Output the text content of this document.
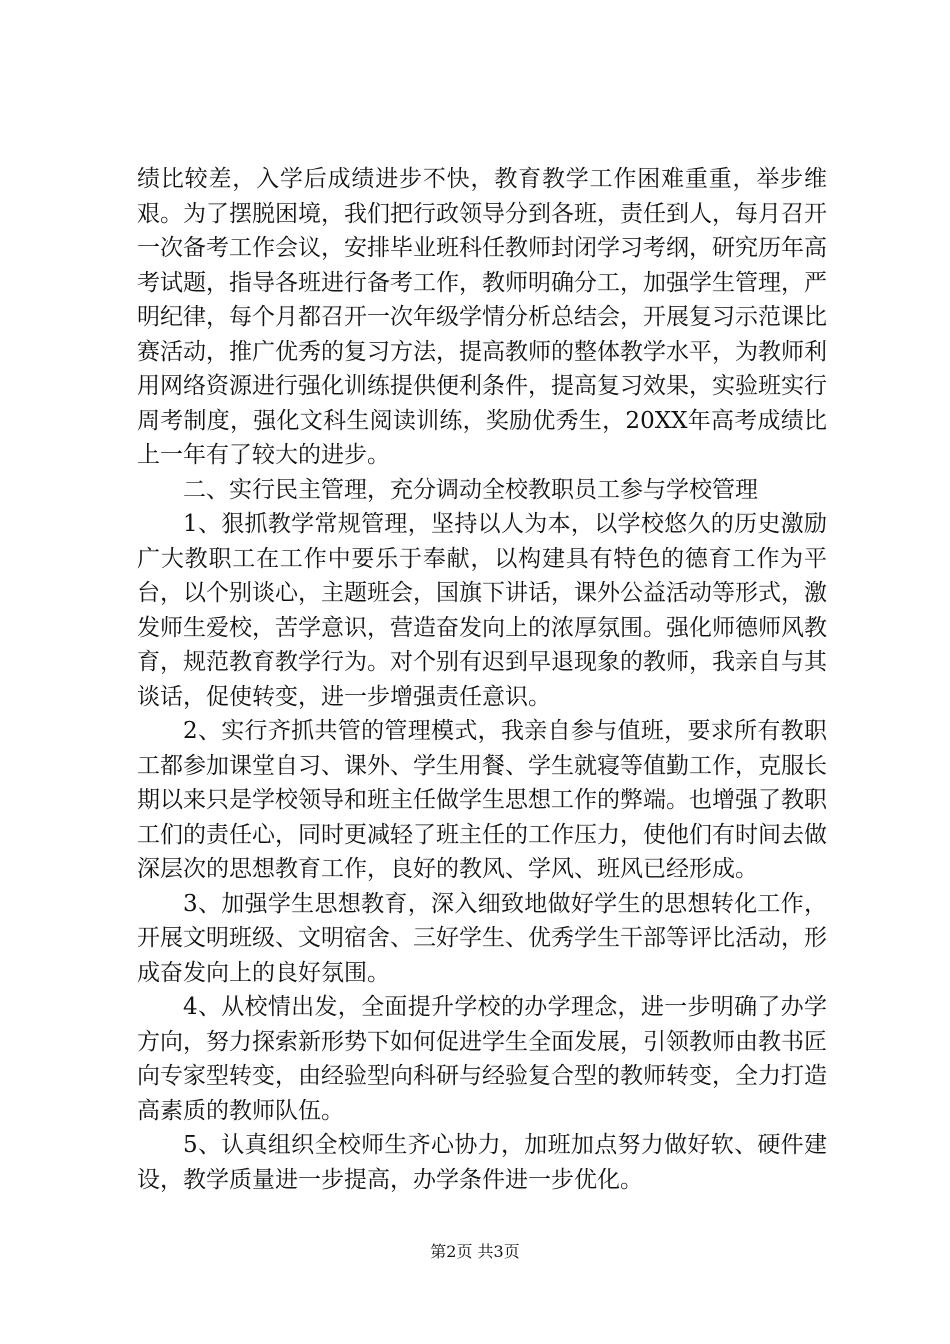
绩比较差，入学后成绩进步不快，教育教学工作困难重重，举步维艰。为了摆脱困境，我们把行政领导分到各班，责任到人，每月召开一次备考工作会议，安排毕业班科任教师封闭学习考纲，研究历年高考试题，指导各班进行备考工作，教师明确分工，加强学生管理，严明纪律，每个月都召开一次年级学情分析总结会，开展复习示范课比赛活动，推广优秀的复习方法，提高教师的整体教学水平，为教师利用网络资源进行强化训练提供便利条件，提高复习效果，实验班实行周考制度，强化文科生阅读训练，奖励优秀生，20XX年高考成绩比上一年有了较大的进步。

二、实行民主管理，充分调动全校教职员工参与学校管理

1、狠抓教学常规管理，坚持以人为本，以学校悠久的历史激励广大教职工在工作中要乐于奉献，以构建具有特色的德育工作为平台，以个别谈心，主题班会，国旗下讲话，课外公益活动等形式，激发师生爱校，苦学意识，营造奋发向上的浓厚氛围。强化师德师风教育，规范教育教学行为。对个别有迟到早退现象的教师，我亲自与其谈话，促使转变，进一步增强责任意识。

2、实行齐抓共管的管理模式，我亲自参与值班，要求所有教职工都参加课堂自习、课外、学生用餐、学生就寝等值勤工作，克服长期以来只是学校领导和班主任做学生思想工作的弊端。也增强了教职工们的责任心，同时更减轻了班主任的工作压力，使他们有时间去做深层次的思想教育工作，良好的教风、学风、班风已经形成。

3、加强学生思想教育，深入细致地做好学生的思想转化工作，开展文明班级、文明宿舍、三好学生、优秀学生干部等评比活动，形成奋发向上的良好氛围。

4、从校情出发，全面提升学校的办学理念，进一步明确了办学方向，努力探索新形势下如何促进学生全面发展，引领教师由教书匠向专家型转变，由经验型向科研与经验复合型的教师转变，全力打造高素质的教师队伍。

5、认真组织全校师生齐心协力，加班加点努力做好软、硬件建设，教学质量进一步提高，办学条件进一步优化。

第2页 共3页
